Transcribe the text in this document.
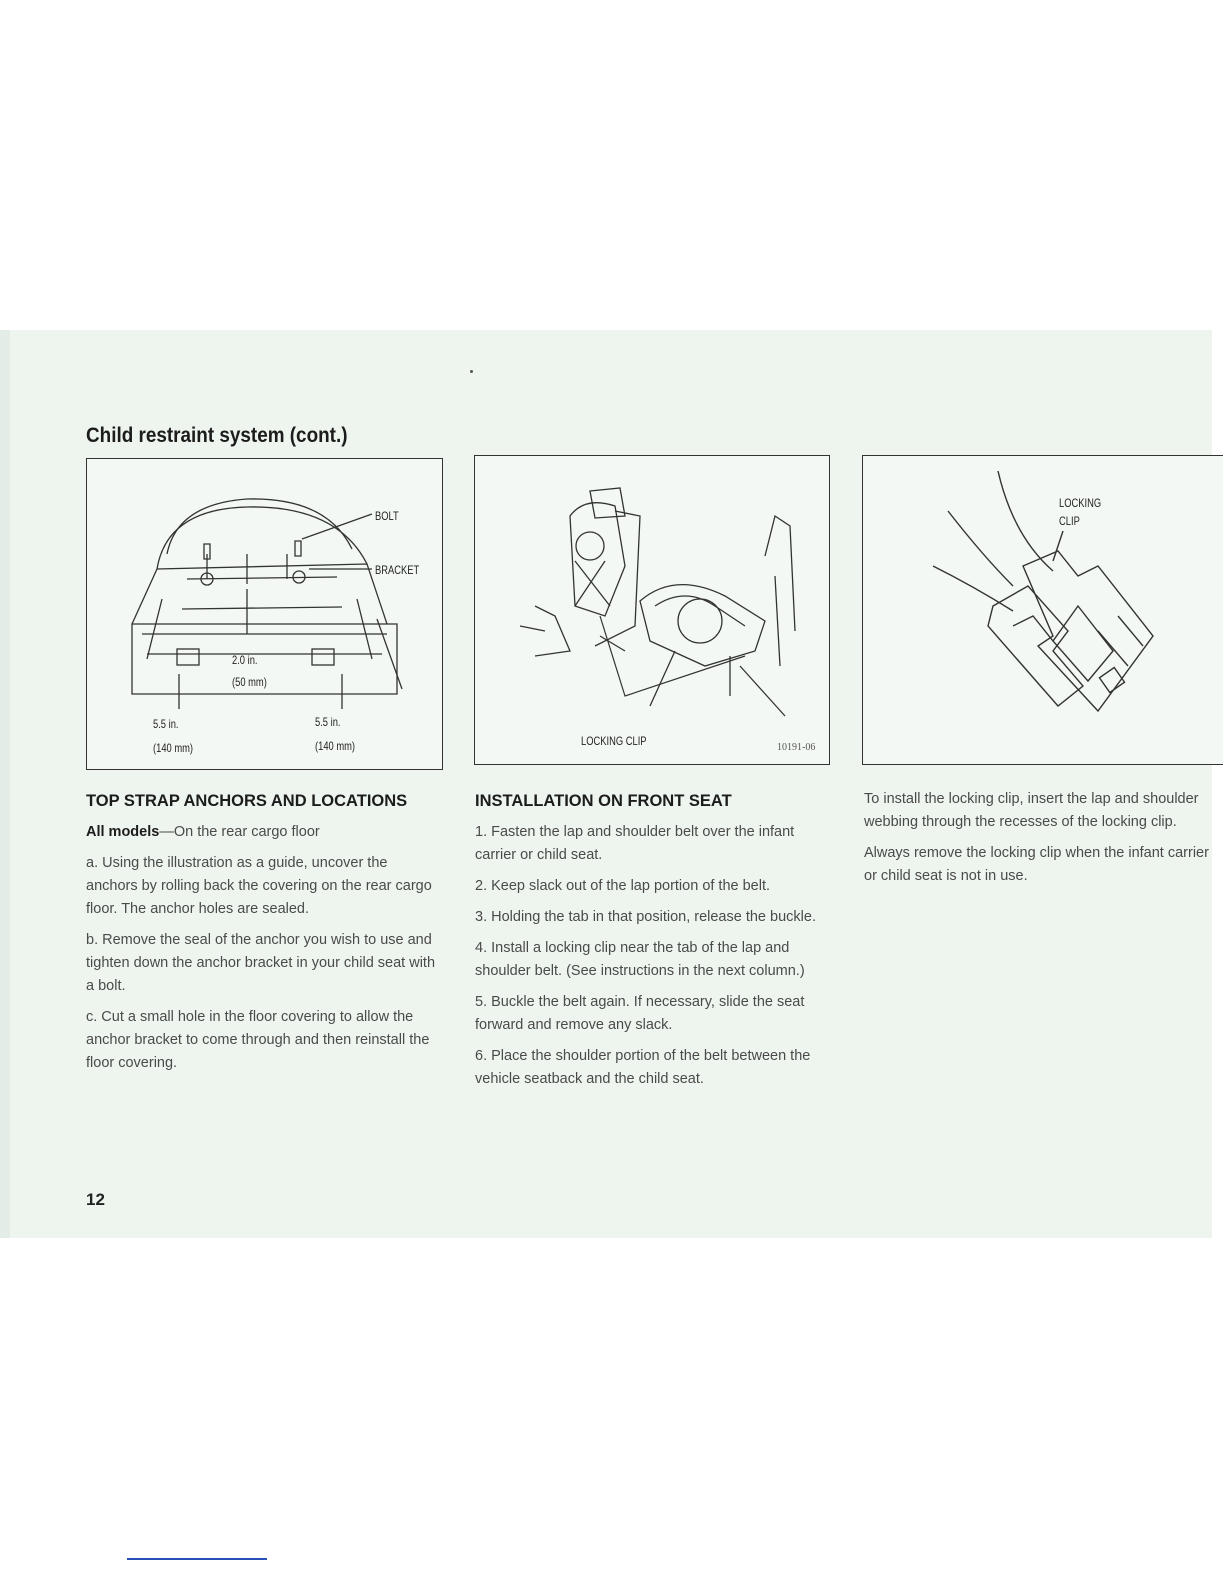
Child restraint system (cont.)
BOLT
BRACKET
2.0 in.
(50 mm)
5.5 in.
(140 mm)
5.5 in.
(140 mm)	LOCKING CLIP	10191-06
LOCKING
CLIP
TOP STRAP ANCHORS AND LOCATIONS

All models—On the rear cargo floor

a. Using the illustration as a guide, uncover the anchors by rolling back the covering on the rear cargo floor. The anchor holes are sealed.

b. Remove the seal of the anchor you wish to use and tighten down the anchor bracket in your child seat with a bolt.

c. Cut a small hole in the floor covering to allow the anchor bracket to come through and then reinstall the floor covering.

INSTALLATION ON FRONT SEAT

1. Fasten the lap and shoulder belt over the infant carrier or child seat.

2. Keep slack out of the lap portion of the belt.

3. Holding the tab in that position, release the buckle.

4. Install a locking clip near the tab of the lap and shoulder belt. (See instructions in the next column.)

5. Buckle the belt again. If necessary, slide the seat forward and remove any slack.

6. Place the shoulder portion of the belt between the vehicle seatback and the child seat.

To install the locking clip, insert the lap and shoulder webbing through the recesses of the locking clip.

Always remove the locking clip when the infant carrier or child seat is not in use.

12
